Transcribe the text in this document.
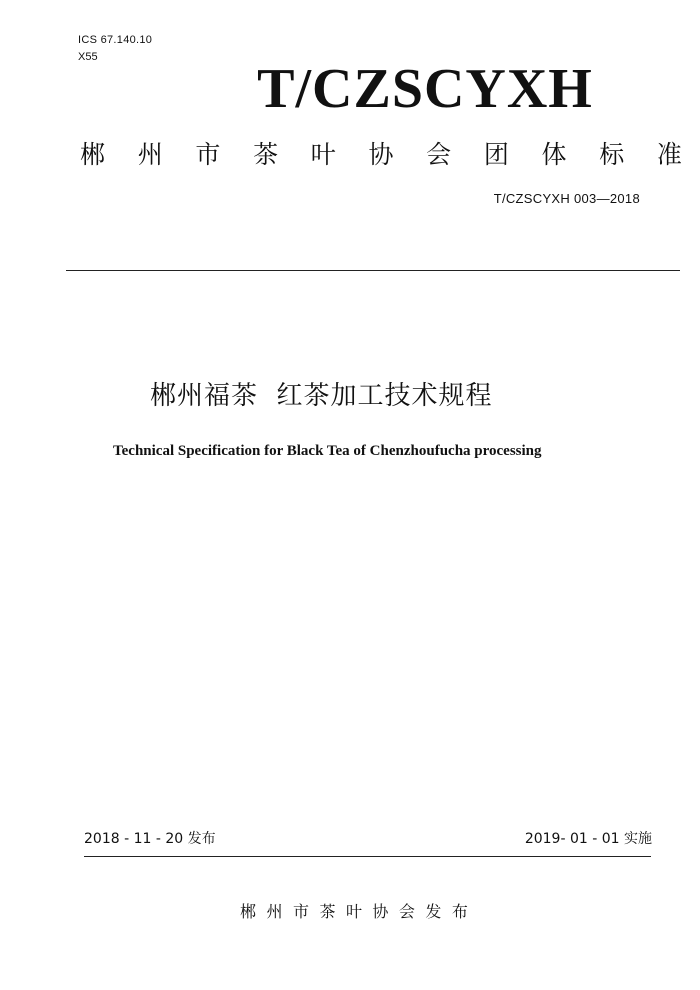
ICS 67.140.10
X55
T/CZSCYXH
郴 州 市 茶 叶 协 会 团 体 标 准
T/CZSCYXH 003—2018
郴州福茶  红茶加工技术规程
Technical Specification for Black Tea of Chenzhoufucha processing
2018 - 11 - 20 发布	2019- 01 - 01 实施
郴 州 市 茶 叶 协 会 发 布
